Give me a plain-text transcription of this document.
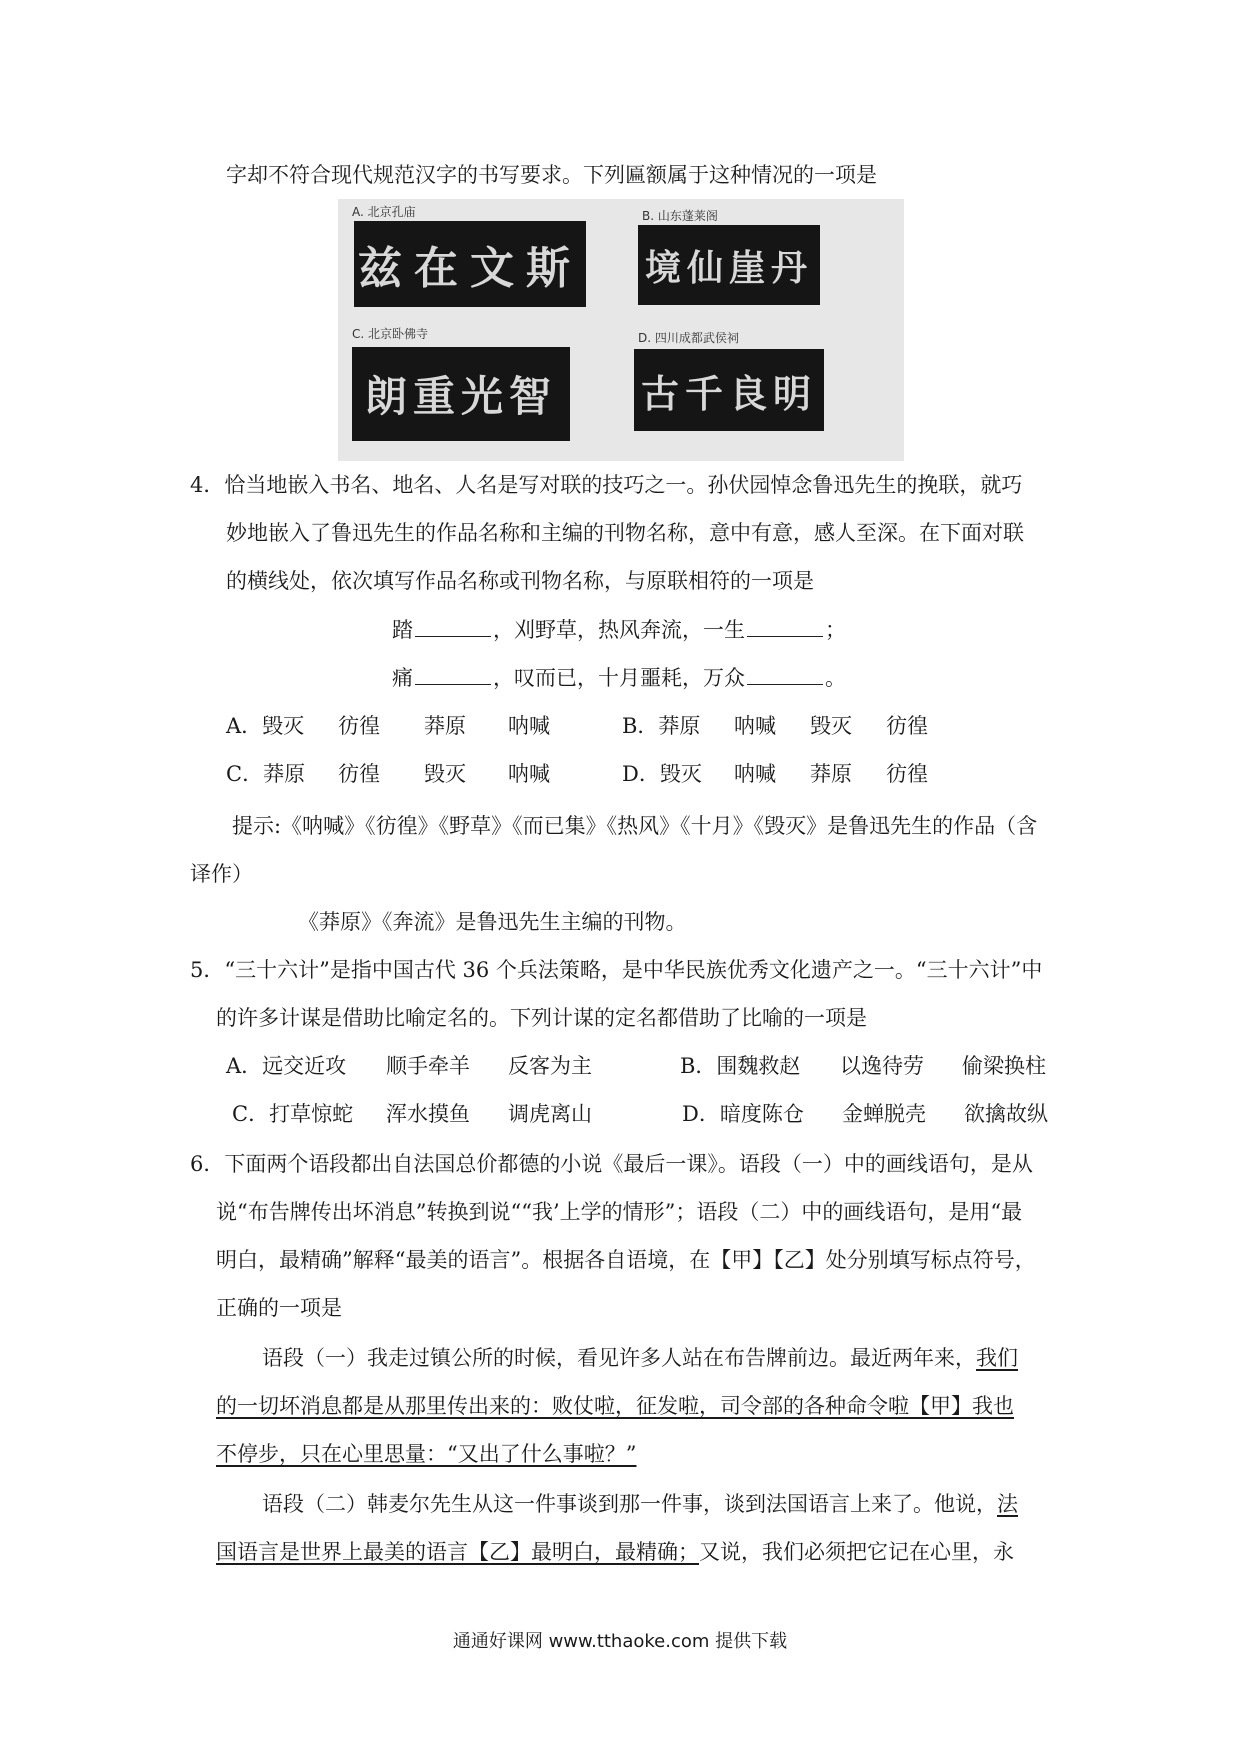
字却不符合现代规范汉字的书写要求。下列匾额属于这种情况的一项是
A. 北京孔庙
斯文在兹
B. 山东蓬莱阁
丹崖仙境
C. 北京卧佛寺
智光重朗
D. 四川成都武侯祠
明良千古
4．恰当地嵌入书名、地名、人名是写对联的技巧之一。孙伏园悼念鲁迅先生的挽联，就巧
妙地嵌入了鲁迅先生的作品名称和主编的刊物名称，意中有意，感人至深。在下面对联
的横线处，依次填写作品名称或刊物名称，与原联相符的一项是
踏	，刈野草，热风奔流，一生	；
痛	，叹而已，十月噩耗，万众	。
A．毁灭 彷徨 莽原 呐喊	B．莽原 呐喊 毁灭 彷徨
C．莽原 彷徨 毁灭 呐喊	D．毁灭 呐喊 莽原 彷徨
提示:《呐喊》《彷徨》《野草》《而已集》《热风》《十月》《毁灭》是鲁迅先生的作品（含
译作）
《莽原》《奔流》是鲁迅先生主编的刊物。
5．“三十六计”是指中国古代 36 个兵法策略，是中华民族优秀文化遗产之一。“三十六计”中
的许多计谋是借助比喻定名的。下列计谋的定名都借助了比喻的一项是
A．远交近攻 顺手牵羊 反客为主	B．围魏救赵 以逸待劳 偷梁换柱
C．打草惊蛇 浑水摸鱼 调虎离山	D．暗度陈仓 金蝉脱壳 欲擒故纵
6．下面两个语段都出自法国总价都德的小说《最后一课》。语段（一）中的画线语句，是从
说“布告牌传出坏消息”转换到说““我’上学的情形”；语段（二）中的画线语句，是用“最
明白，最精确”解释“最美的语言”。根据各自语境，在【甲】【乙】处分别填写标点符号，
正确的一项是
语段（一）我走过镇公所的时候，看见许多人站在布告牌前边。最近两年来，我们
的一切坏消息都是从那里传出来的：败仗啦，征发啦，司令部的各种命令啦【甲】我也
不停步，只在心里思量：“又出了什么事啦？”
语段（二）韩麦尔先生从这一件事谈到那一件事，谈到法国语言上来了。他说，法
国语言是世界上最美的语言【乙】最明白，最精确；又说，我们必须把它记在心里，永
通通好课网 www.tthaoke.com 提供下载
